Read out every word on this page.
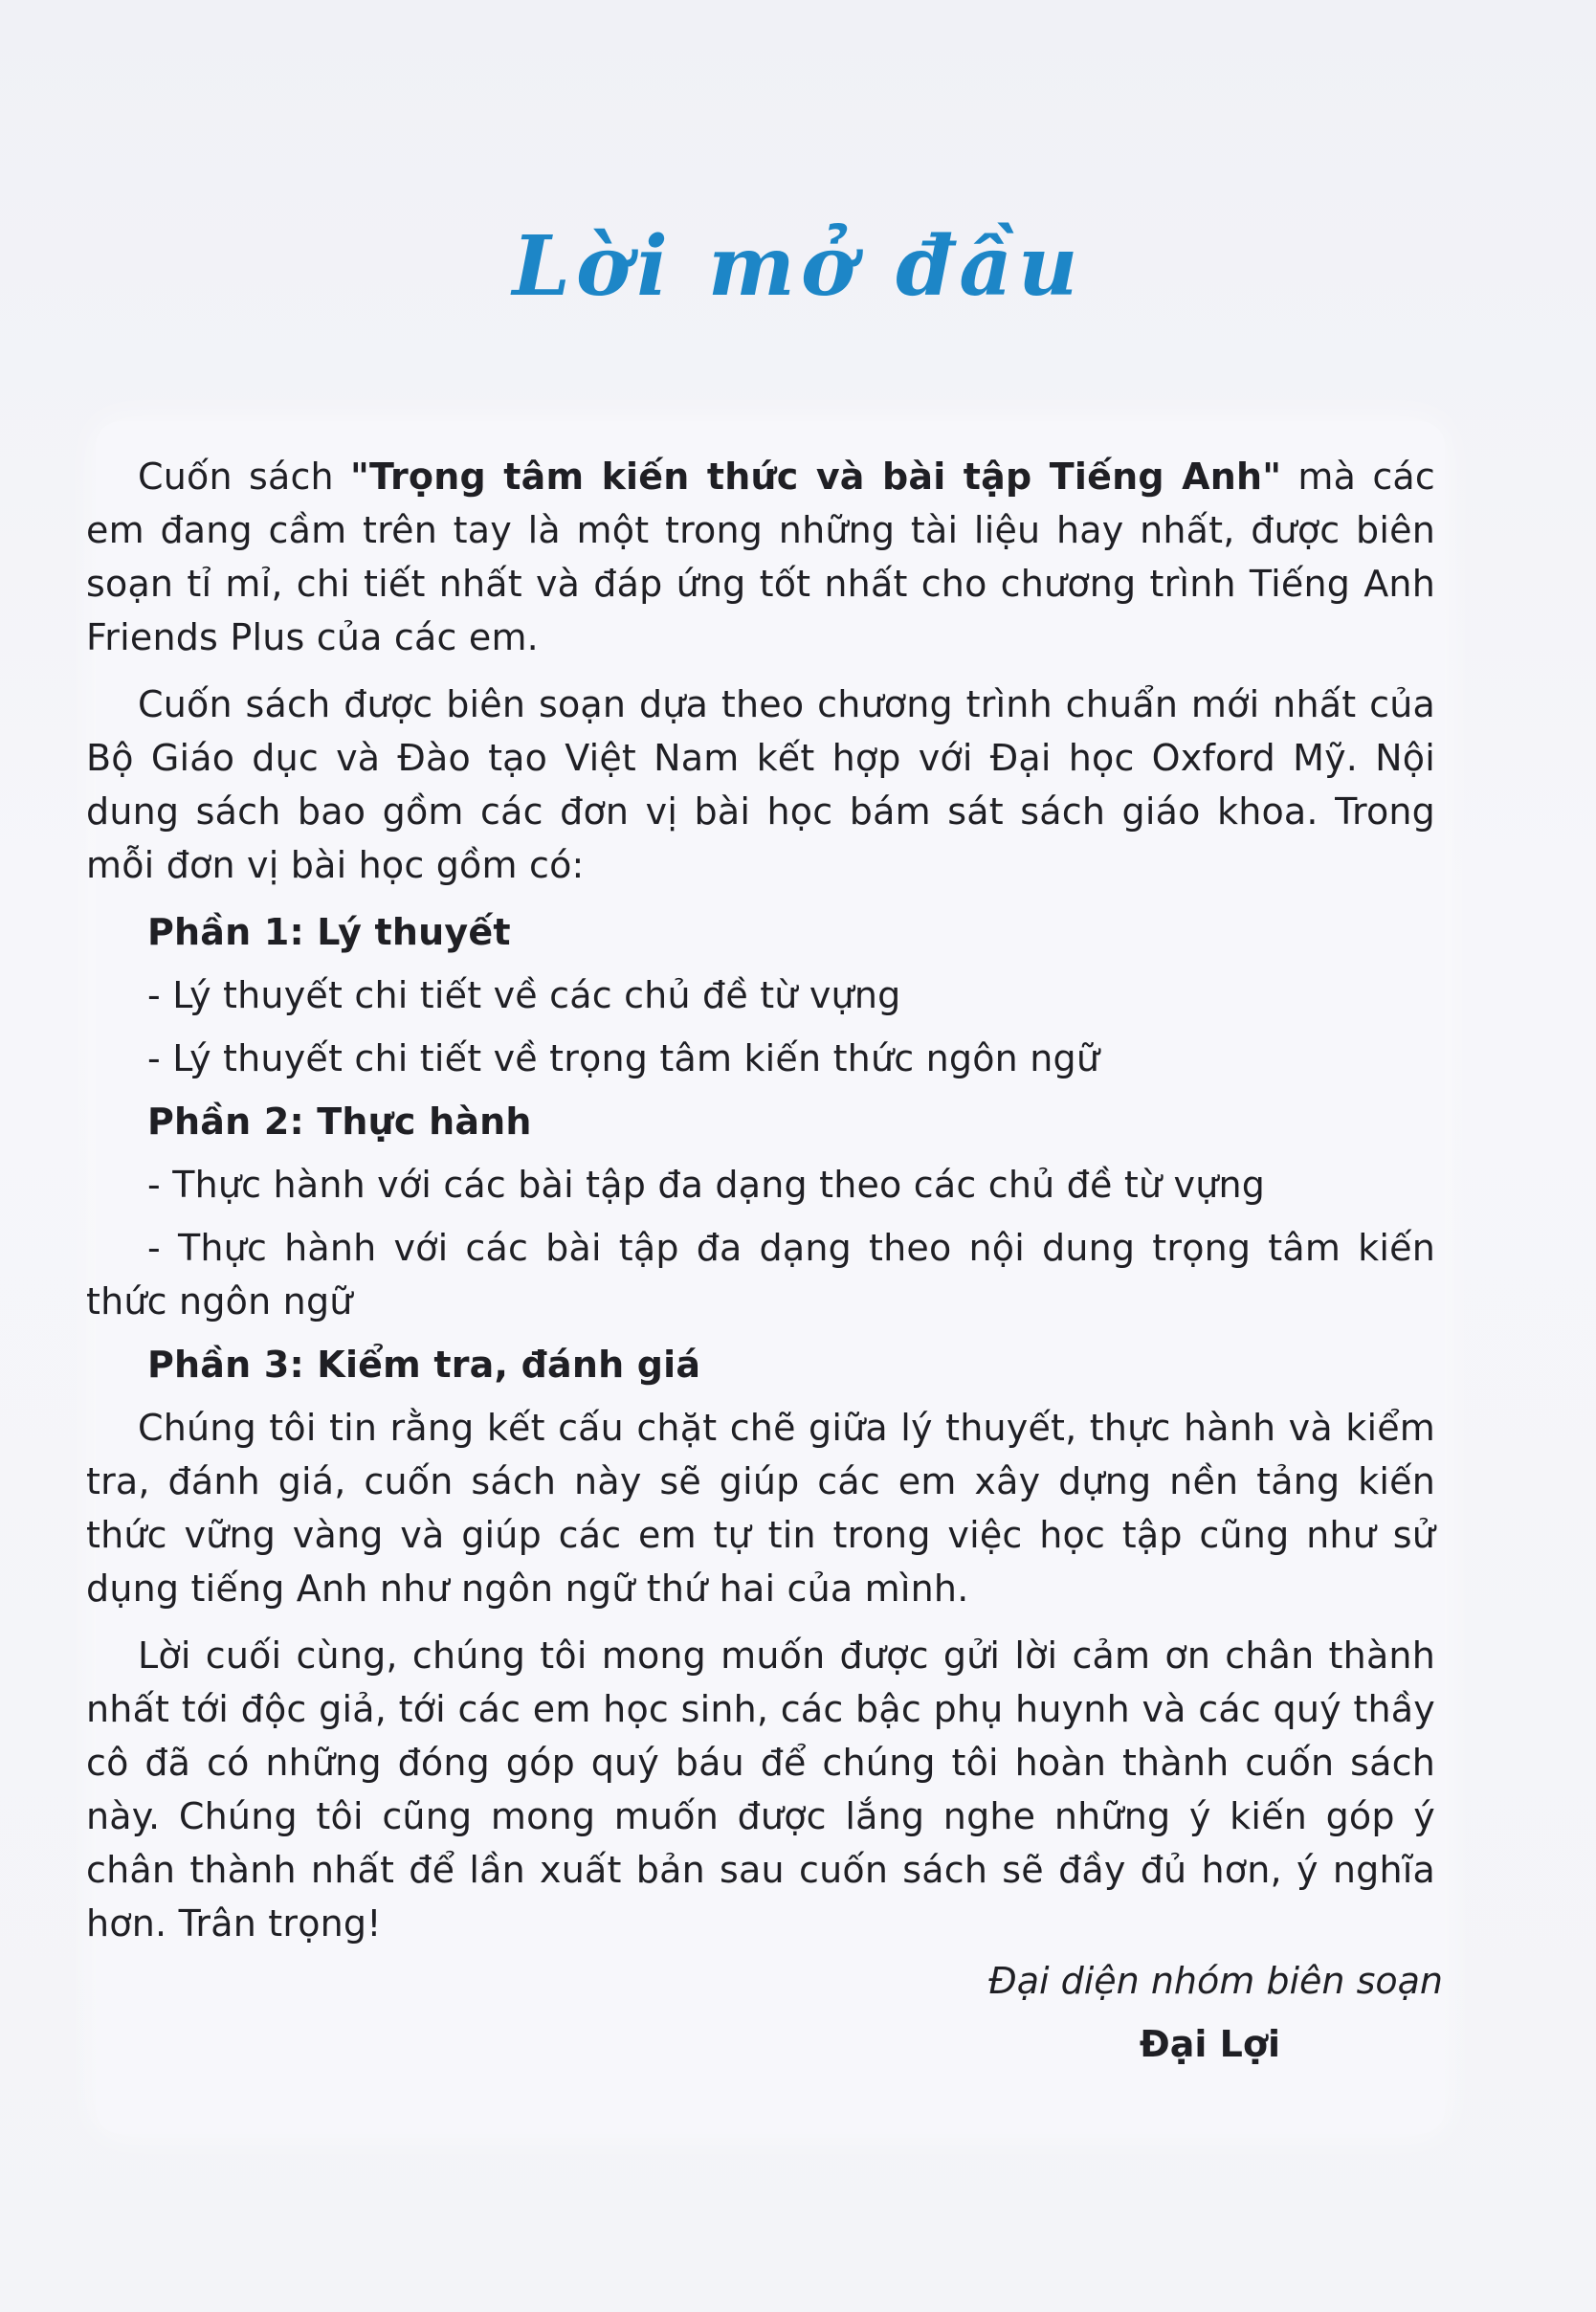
Lời mở đầu

Cuốn sách "Trọng tâm kiến thức và bài tập Tiếng Anh" mà các em đang cầm trên tay là một trong những tài liệu hay nhất, được biên soạn tỉ mỉ, chi tiết nhất và đáp ứng tốt nhất cho chương trình Tiếng Anh Friends Plus của các em.

Cuốn sách được biên soạn dựa theo chương trình chuẩn mới nhất của Bộ Giáo dục và Đào tạo Việt Nam kết hợp với Đại học Oxford Mỹ. Nội dung sách bao gồm các đơn vị bài học bám sát sách giáo khoa. Trong mỗi đơn vị bài học gồm có:

Phần 1: Lý thuyết
- Lý thuyết chi tiết về các chủ đề từ vựng
- Lý thuyết chi tiết về trọng tâm kiến thức ngôn ngữ
Phần 2: Thực hành
- Thực hành với các bài tập đa dạng theo các chủ đề từ vựng
- Thực hành với các bài tập đa dạng theo nội dung trọng tâm kiến thức ngôn ngữ
Phần 3: Kiểm tra, đánh giá

Chúng tôi tin rằng kết cấu chặt chẽ giữa lý thuyết, thực hành và kiểm tra, đánh giá, cuốn sách này sẽ giúp các em xây dựng nền tảng kiến thức vững vàng và giúp các em tự tin trong việc học tập cũng như sử dụng tiếng Anh như ngôn ngữ thứ hai của mình.

Lời cuối cùng, chúng tôi mong muốn được gửi lời cảm ơn chân thành nhất tới độc giả, tới các em học sinh, các bậc phụ huynh và các quý thầy cô đã có những đóng góp quý báu để chúng tôi hoàn thành cuốn sách này. Chúng tôi cũng mong muốn được lắng nghe những ý kiến góp ý chân thành nhất để lần xuất bản sau cuốn sách sẽ đầy đủ hơn, ý nghĩa hơn. Trân trọng!

Đại diện nhóm biên soạn
Đại Lợi
